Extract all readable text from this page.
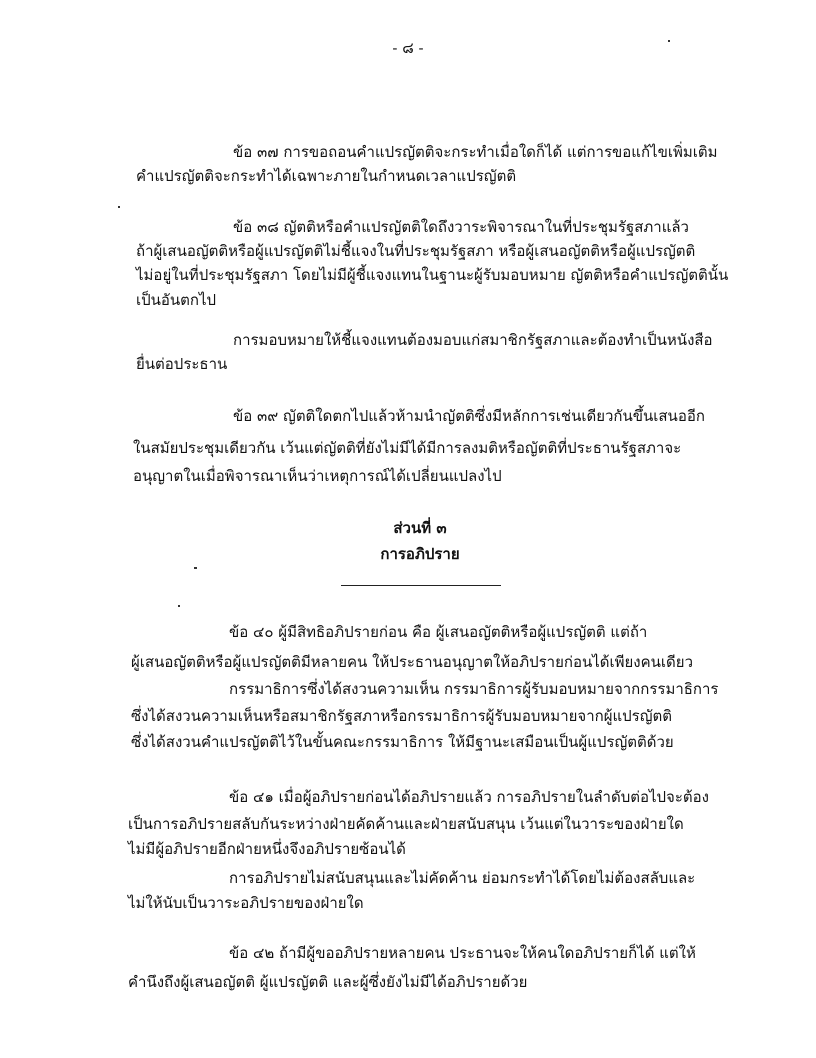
- ๘ -
ข้อ ๓๗ การขอถอนคำแปรญัตติจะกระทำเมื่อใดก็ได้ แต่การขอแก้ไขเพิ่มเติม
คำแปรญัตติจะกระทำได้เฉพาะภายในกำหนดเวลาแปรญัตติ
ข้อ ๓๘ ญัตติหรือคำแปรญัตติใดถึงวาระพิจารณาในที่ประชุมรัฐสภาแล้ว
ถ้าผู้เสนอญัตติหรือผู้แปรญัตติไม่ชี้แจงในที่ประชุมรัฐสภา หรือผู้เสนอญัตติหรือผู้แปรญัตติ
ไม่อยู่ในที่ประชุมรัฐสภา โดยไม่มีผู้ชี้แจงแทนในฐานะผู้รับมอบหมาย ญัตติหรือคำแปรญัตตินั้น
เป็นอันตกไป
การมอบหมายให้ชี้แจงแทนต้องมอบแก่สมาชิกรัฐสภาและต้องทำเป็นหนังสือ
ยื่นต่อประธาน
ข้อ ๓๙ ญัตติใดตกไปแล้วห้ามนำญัตติซึ่งมีหลักการเช่นเดียวกันขึ้นเสนออีก
ในสมัยประชุมเดียวกัน เว้นแต่ญัตติที่ยังไม่มีได้มีการลงมติหรือญัตติที่ประธานรัฐสภาจะ
อนุญาตในเมื่อพิจารณาเห็นว่าเหตุการณ์ได้เปลี่ยนแปลงไป
ส่วนที่ ๓
การอภิปราย
ข้อ ๔๐ ผู้มีสิทธิอภิปรายก่อน คือ ผู้เสนอญัตติหรือผู้แปรญัตติ แต่ถ้า
ผู้เสนอญัตติหรือผู้แปรญัตติมีหลายคน ให้ประธานอนุญาตให้อภิปรายก่อนได้เพียงคนเดียว
กรรมาธิการซึ่งได้สงวนความเห็น กรรมาธิการผู้รับมอบหมายจากกรรมาธิการ
ซึ่งได้สงวนความเห็นหรือสมาชิกรัฐสภาหรือกรรมาธิการผู้รับมอบหมายจากผู้แปรญัตติ
ซึ่งได้สงวนคำแปรญัตติไว้ในขั้นคณะกรรมาธิการ ให้มีฐานะเสมือนเป็นผู้แปรญัตติด้วย
ข้อ ๔๑ เมื่อผู้อภิปรายก่อนได้อภิปรายแล้ว การอภิปรายในลำดับต่อไปจะต้อง
เป็นการอภิปรายสลับกันระหว่างฝ่ายคัดค้านและฝ่ายสนับสนุน เว้นแต่ในวาระของฝ่ายใด
ไม่มีผู้อภิปรายอีกฝ่ายหนึ่งจึงอภิปรายซ้อนได้
การอภิปรายไม่สนับสนุนและไม่คัดค้าน ย่อมกระทำได้โดยไม่ต้องสลับและ
ไม่ให้นับเป็นวาระอภิปรายของฝ่ายใด
ข้อ ๔๒ ถ้ามีผู้ขออภิปรายหลายคน ประธานจะให้คนใดอภิปรายก็ได้ แต่ให้
คำนึงถึงผู้เสนอญัตติ ผู้แปรญัตติ และผู้ซึ่งยังไม่มีได้อภิปรายด้วย
